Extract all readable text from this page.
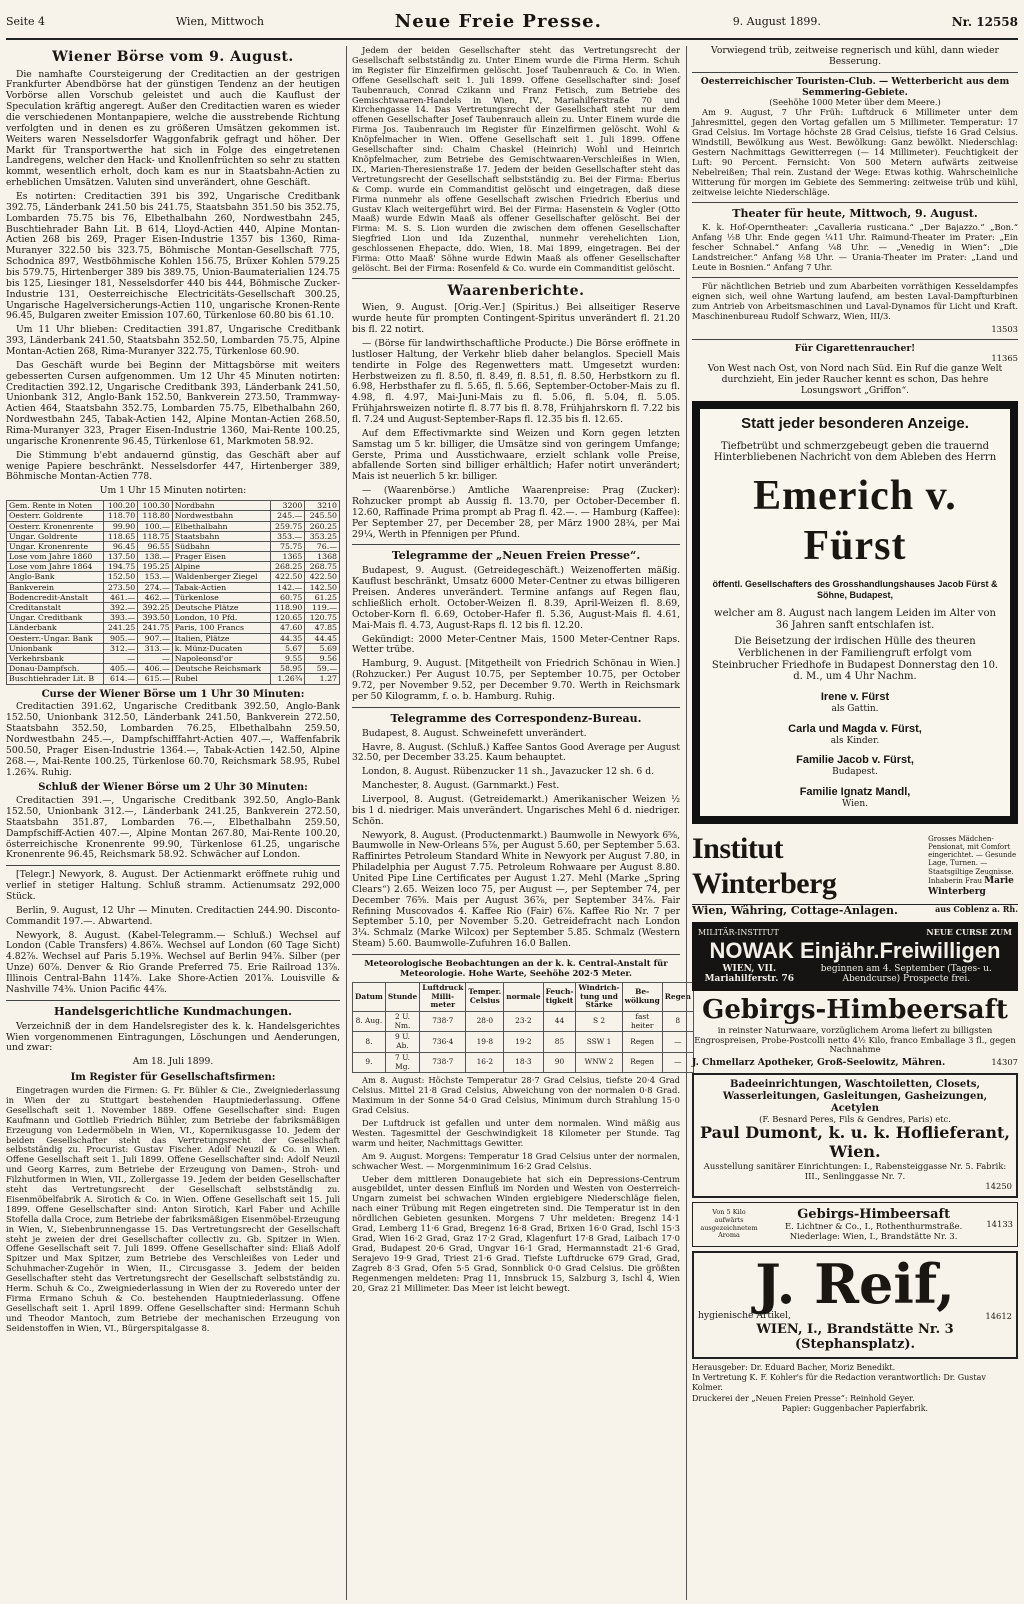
Seite 4	Wien, Mittwoch	Neue Freie Presse.	9. August 1899.	Nr. 12558
Wiener Börse vom 9. August.

Die namhafte Coursteigerung der Creditactien an der gestrigen Frankfurter Abendbörse hat der günstigen Tendenz an der heutigen Vorbörse allen Vorschub geleistet und auch die Kauflust der Speculation kräftig angeregt. Außer den Creditactien waren es wieder die verschiedenen Montanpapiere, welche die ausstrebende Richtung verfolgten und in denen es zu größeren Umsätzen gekommen ist. Weiters waren Nesselsdorfer Waggonfabrik gefragt und höher. Der Markt für Transportwerthe hat sich in Folge des eingetretenen Landregens, welcher den Hack- und Knollenfrüchten so sehr zu statten kommt, wesentlich erholt, doch kam es nur in Staatsbahn-Actien zu erheblichen Umsätzen. Valuten sind unverändert, ohne Geschäft.

Es notirten: Creditactien 391 bis 392, Ungarische Creditbank 392.75, Länderbank 241.50 bis 241.75, Staatsbahn 351.50 bis 352.75, Lombarden 75.75 bis 76, Elbethalbahn 260, Nordwestbahn 245, Buschtiehrader Bahn Lit. B 614, Lloyd-Actien 440, Alpine Montan-Actien 268 bis 269, Prager Eisen-Industrie 1357 bis 1360, Rima-Muranyer 322.50 bis 323.75, Böhmische Montan-Gesellschaft 775, Schodnica 897, Westböhmische Kohlen 156.75, Brüxer Kohlen 579.25 bis 579.75, Hirtenberger 389 bis 389.75, Union-Baumaterialien 124.75 bis 125, Liesinger 181, Nesselsdorfer 440 bis 444, Böhmische Zucker-Industrie 131, Oesterreichische Electricitäts-Gesellschaft 300.25, Ungarische Hagelversicherungs-Actien 110, ungarische Kronen-Rente 96.45, Bulgaren zweiter Emission 107.60, Türkenlose 60.80 bis 61.10.

Um 11 Uhr blieben: Creditactien 391.87, Ungarische Creditbank 393, Länderbank 241.50, Staatsbahn 352.50, Lombarden 75.75, Alpine Montan-Actien 268, Rima-Muranyer 322.75, Türkenlose 60.90.

Das Geschäft wurde bei Beginn der Mittagsbörse mit weiters gebesserten Cursen aufgenommen. Um 12 Uhr 45 Minuten notirten: Creditactien 392.12, Ungarische Creditbank 393, Länderbank 241.50, Unionbank 312, Anglo-Bank 152.50, Bankverein 273.50, Trammway-Actien 464, Staatsbahn 352.75, Lombarden 75.75, Elbethalbahn 260, Nordwestbahn 245, Tabak-Actien 142, Alpine Montan-Actien 268.50, Rima-Muranyer 323, Prager Eisen-Industrie 1360, Mai-Rente 100.25, ungarische Kronenrente 96.45, Türkenlose 61, Markmoten 58.92.

Die Stimmung b'ebt andauernd günstig, das Geschäft aber auf wenige Papiere beschränkt. Nesselsdorfer 447, Hirtenberger 389, Böhmische Montan-Actien 778.

Um 1 Uhr 15 Minuten notirten:
Gem. Rente in Noten	100.20	100.30	Nordbahn	3200	3210
Oesterr. Goldrente	118.70	118.80	Nordwestbahn	245.—	245.50
Oesterr. Kronenrente	99.90	100.—	Elbethalbahn	259.75	260.25
Ungar. Goldrente	118.65	118.75	Staatsbahn	353.—	353.25
Ungar. Kronenrente	96.45	96.55	Südbahn	75.75	76.—
Lose vom Jahre 1860	137.50	138.—	Prager Eisen	1365	1368
Lose vom Jahre 1864	194.75	195.25	Alpine	268.25	268.75
Anglo-Bank	152.50	153.—	Waldenberger Ziegel	422.50	422.50
Bankverein	273.50	274.—	Tabak-Actien	142.—	142.50
Bodencredit-Anstalt	461.—	462.—	Türkenlose	60.75	61.25
Creditanstalt	392.—	392.25	Deutsche Plätze	118.90	119.—
Ungar. Creditbank	393.—	393.50	London, 10 Pfd.	120.65	120.75
Länderbank	241.25	241.75	Paris, 100 Francs	47.60	47.85
Oesterr.-Ungar. Bank	905.—	907.—	Italien, Plätze	44.35	44.45
Unionbank	312.—	313.—	k. Münz-Ducaten	5.67	5.69
Verkehrsbank	—	—	Napoleonsd'or	9.55	9.56
Donau-Dampfsch.	405.—	406.—	Deutsche Reichsmark	58.95	59.—
Buschtiehrader Lit. B	614.—	615.—	Rubel	1.26¾	1.27
Curse der Wiener Börse um 1 Uhr 30 Minuten:

Creditactien 391.62, Ungarische Creditbank 392.50, Anglo-Bank 152.50, Unionbank 312.50, Länderbank 241.50, Bankverein 272.50, Staatsbahn 352.50, Lombarden 76.25, Elbethalbahn 259.50, Nordwestbahn 245.—, Dampfschifffahrt-Actien 407.—, Waffenfabrik 500.50, Prager Eisen-Industrie 1364.—, Tabak-Actien 142.50, Alpine 268.—, Mai-Rente 100.25, Türkenlose 60.70, Reichsmark 58.95, Rubel 1.26¾. Ruhig.

Schluß der Wiener Börse um 2 Uhr 30 Minuten:

Creditactien 391.—, Ungarische Creditbank 392.50, Anglo-Bank 152.50, Unionbank 312.—, Länderbank 241.25, Bankverein 272.50, Staatsbahn 351.87, Lombarden 76.—, Elbethalbahn 259.50, Dampfschiff-Actien 407.—, Alpine Montan 267.80, Mai-Rente 100.20, österreichische Kronenrente 99.90, Türkenlose 61.25, ungarische Kronenrente 96.45, Reichsmark 58.92. Schwächer auf London.

[Telegr.] Newyork, 8. August. Der Actienmarkt eröffnete ruhig und verlief in stetiger Haltung. Schluß stramm. Actienumsatz 292,000 Stück.

Berlin, 9. August, 12 Uhr — Minuten. Creditactien 244.90. Disconto-Commandit 197.—. Abwartend.

Newyork, 8. August. (Kabel-Telegramm.— Schluß.) Wechsel auf London (Cable Transfers) 4.86⅞. Wechsel auf London (60 Tage Sicht) 4.82⅞. Wechsel auf Paris 5.19⅜. Wechsel auf Berlin 94⅞. Silber (per Unze) 60⅞. Denver & Rio Grande Preferred 75. Erie Railroad 13⅞. Illinois Central-Bahn 114⅞. Lake Shore-Actien 201⅞. Louisville & Nashville 74⅜. Union Pacific 44⅞.

Handelsgerichtliche Kundmachungen.

Verzeichniß der in dem Handelsregister des k. k. Handelsgerichtes Wien vorgenommenen Eintragungen, Löschungen und Aenderungen, und zwar:

Am 18. Juli 1899.
Im Register für Gesellschaftsfirmen:

Eingetragen wurden die Firmen: G. Fr. Bühler & Cie., Zweigniederlassung in Wien der zu Stuttgart bestehenden Hauptniederlassung. Offene Gesellschaft seit 1. November 1889. Offene Gesellschafter sind: Eugen Kaufmann und Gottlieb Friedrich Bühler, zum Betriebe der fabriksmäßigen Erzeugung von Ledermöbeln in Wien, VI., Kopernikusgasse 10. Jedem der beiden Gesellschafter steht das Vertretungsrecht der Gesellschaft selbstständig zu. Procurist: Gustav Fischer. Adolf Neuzil & Co. in Wien. Offene Gesellschaft seit 1. Juli 1899. Offene Gesellschafter sind: Adolf Neuzil und Georg Karres, zum Betriebe der Erzeugung von Damen-, Stroh- und Filzhutformen in Wien, VII., Zollergasse 19. Jedem der beiden Gesellschafter steht das Vertretungsrecht der Gesellschaft selbstständig zu. Eisenmöbelfabrik A. Sirotich & Co. in Wien. Offene Gesellschaft seit 15. Juli 1899. Offene Gesellschafter sind: Anton Sirotich, Karl Faber und Achille Stofella dalla Croce, zum Betriebe der fabriksmäßigen Eisenmöbel-Erzeugung in Wien, V., Siebenbrunnengasse 15. Das Vertretungsrecht der Gesellschaft steht je zweien der drei Gesellschafter collectiv zu. Gb. Spitzer in Wien. Offene Gesellschaft seit 7. Juli 1899. Offene Gesellschafter sind: Eliaß Adolf Spitzer und Max Spitzer, zum Betriebe des Verschleißes von Leder und Schuhmacher-Zugehör in Wien, II., Circusgasse 3. Jedem der beiden Gesellschafter steht das Vertretungsrecht der Gesellschaft selbstständig zu. Herm. Schuh & Co., Zweigniederlassung in Wien der zu Roveredo unter der Firma Ermano Schuh & Co. bestehenden Hauptniederlassung. Offene Gesellschaft seit 1. April 1899. Offene Gesellschafter sind: Hermann Schuh und Theodor Mantoch, zum Betriebe der mechanischen Erzeugung von Seidenstoffen in Wien, VI., Bürgerspitalgasse 8.

Jedem der beiden Gesellschafter steht das Vertretungsrecht der Gesellschaft selbstständig zu. Unter Einem wurde die Firma Herm. Schuh im Register für Einzelfirmen gelöscht. Josef Taubenrauch & Co. in Wien. Offene Gesellschaft seit 1. Juli 1899. Offene Gesellschafter sind: Josef Taubenrauch, Conrad Czikann und Franz Fetisch, zum Betriebe des Gemischtwaaren-Handels in Wien, IV., Mariahilferstraße 70 und Kirchengasse 14. Das Vertretungsrecht der Gesellschaft steht nur dem offenen Gesellschafter Josef Taubenrauch allein zu. Unter Einem wurde die Firma Jos. Taubenrauch im Register für Einzelfirmen gelöscht. Wohl & Knöpfelmacher in Wien. Offene Gesellschaft seit 1. Juli 1899. Offene Gesellschafter sind: Chaim Chaskel (Heinrich) Wohl und Heinrich Knöpfelmacher, zum Betriebe des Gemischtwaaren-Verschleißes in Wien, IX., Marien-Theresienstraße 17. Jedem der beiden Gesellschafter steht das Vertretungsrecht der Gesellschaft selbstständig zu. Bei der Firma: Eberius & Comp. wurde ein Commanditist gelöscht und eingetragen, daß diese Firma nunmehr als offene Gesellschaft zwischen Friedrich Eberius und Gustav Klach weitergeführt wird. Bei der Firma: Hasenstein & Vogler (Otto Maaß) wurde Edwin Maaß als offener Gesellschafter gelöscht. Bei der Firma: M. S. S. Lion wurden die zwischen dem offenen Gesellschafter Siegfried Lion und Ida Zuzenthal, nunmehr verehelichten Lion, geschlossenen Ehepacte, ddo. Wien, 18. Mai 1899, eingetragen. Bei der Firma: Otto Maaß' Söhne wurde Edwin Maaß als offener Gesellschafter gelöscht. Bei der Firma: Rosenfeld & Co. wurde ein Commanditist gelöscht.

Waarenberichte.

Wien, 9. August. [Orig.-Ver.] (Spiritus.) Bei allseitiger Reserve wurde heute für prompten Contingent-Spiritus unverändert fl. 21.20 bis fl. 22 notirt.

— (Börse für landwirthschaftliche Producte.) Die Börse eröffnete in lustloser Haltung, der Verkehr blieb daher belanglos. Speciell Mais tendirte in Folge des Regenwetters matt. Umgesetzt wurden: Herbstweizen zu fl. 8.50, fl. 8.49, fl. 8.51, fl. 8.50, Herbstkorn zu fl. 6.98, Herbsthafer zu fl. 5.65, fl. 5.66, September-October-Mais zu fl. 4.98, fl. 4.97, Mai-Juni-Mais zu fl. 5.06, fl. 5.04, fl. 5.05. Frühjahrsweizen notirte fl. 8.77 bis fl. 8.78, Frühjahrskorn fl. 7.22 bis fl. 7.24 und August-September-Raps fl. 12.35 bis fl. 12.65.

Auf dem Effectivmarkte sind Weizen und Korn gegen letzten Samstag um 5 kr. billiger, die Umsätze sind von geringem Umfange; Gerste, Prima und Ausstichwaare, erzielt schlank volle Preise, abfallende Sorten sind billiger erhältlich; Hafer notirt unverändert; Mais ist neuerlich 5 kr. billiger.

— (Waarenbörse.) Amtliche Waarenpreise: Prag (Zucker): Rohzucker prompt ab Aussig fl. 13.70, per October-December fl. 12.60, Raffinade Prima prompt ab Prag fl. 42.—. — Hamburg (Kaffee): Per September 27, per December 28, per März 1900 28¾, per Mai 29¼, Werth in Pfennigen per Pfund.

Telegramme der „Neuen Freien Presse“.

Budapest, 9. August. (Getreidegeschäft.) Weizenofferten mäßig. Kauflust beschränkt, Umsatz 6000 Meter-Centner zu etwas billigeren Preisen. Anderes unverändert. Termine anfangs auf Regen flau, schließlich erholt. October-Weizen fl. 8.39, April-Weizen fl. 8.69, October-Korn fl. 6.69, October-Hafer fl. 5.36, August-Mais fl. 4.61, Mai-Mais fl. 4.73, August-Raps fl. 12 bis fl. 12.20.

Gekündigt: 2000 Meter-Centner Mais, 1500 Meter-Centner Raps. Wetter trübe.

Hamburg, 9. August. [Mitgetheilt von Friedrich Schönau in Wien.] (Rohzucker.) Per August 10.75, per September 10.75, per October 9.72, per November 9.52, per December 9.70. Werth in Reichsmark per 50 Kilogramm, f. o. b. Hamburg. Ruhig.

Telegramme des Correspondenz-Bureau.

Budapest, 8. August. Schweinefett unverändert.

Havre, 8. August. (Schluß.) Kaffee Santos Good Average per August 32.50, per December 33.25. Kaum behauptet.

London, 8. August. Rübenzucker 11 sh., Javazucker 12 sh. 6 d.

Manchester, 8. August. (Garnmarkt.) Fest.

Liverpool, 8. August. (Getreidemarkt.) Amerikanischer Weizen ½ bis 1 d. niedriger. Mais unverändert. Ungarisches Mehl 6 d. niedriger. Schön.

Newyork, 8. August. (Productenmarkt.) Baumwolle in Newyork 6⅝, Baumwolle in New-Orleans 5⅞, per August 5.60, per September 5.63. Raffinirtes Petroleum Standard White in Newyork per August 7.80, in Philadelphia per August 7.75. Petroleum Rohwaare per August 8.80. United Pipe Line Certificates per August 1.27. Mehl (Marke „Spring Clears“) 2.65. Weizen loco 75, per August —, per September 74, per December 76⅝. Mais per August 36⅞, per September 34⅞. Fair Refining Muscovados 4. Kaffee Rio (Fair) 6⅞. Kaffee Rio Nr. 7 per September 5.10, per November 5.20. Getreidefracht nach London 3¼. Schmalz (Marke Wilcox) per September 5.85. Schmalz (Western Steam) 5.60. Baumwolle-Zufuhren 16.0 Ballen.

Meteorologische Beobachtungen an der k. k. Central-Anstalt für Meteorologie. Hohe Warte, Seehöhe 202·5 Meter.
Datum	Stunde	Luftdruck Milli-meter	Temper. Celsius	normale	Feuch-tigkeit	Windrich-tung und Stärke	Be-wölkung	Regen
8. Aug.	2 U. Nm.	738·7	28·0	23·2	44	S 2	fast heiter	8
8.	9 U. Ab.	736·4	19·8	19·2	85	SSW 1	Regen	—
9.	7 U. Mg.	738·7	16·2	18·3	90	WNW 2	Regen	—

Am 8. August: Höchste Temperatur 28·7 Grad Celsius, tiefste 20·4 Grad Celsius. Mittel 21·8 Grad Celsius, Abweichung von der normalen 0·8 Grad. Maximum in der Sonne 54·0 Grad Celsius, Minimum durch Strahlung 15·0 Grad Celsius.

Der Luftdruck ist gefallen und unter dem normalen. Wind mäßig aus Westen. Tagesmittel der Geschwindigkeit 18 Kilometer per Stunde. Tag warm und heiter, Nachmittags Gewitter.

Am 9. August. Morgens: Temperatur 18 Grad Celsius unter der normalen, schwacher West. — Morgenminimum 16·2 Grad Celsius.

Ueber dem mittleren Donaugebiete hat sich ein Depressions-Centrum ausgebildet, unter dessen Einfluß im Norden und Westen von Oesterreich-Ungarn zumeist bei schwachen Winden ergiebigere Niederschläge fielen, nach einer Trübung mit Regen eingetreten sind. Die Temperatur ist in den nördlichen Gebieten gesunken. Morgens 7 Uhr meldeten: Bregenz 14·1 Grad, Lemberg 11·6 Grad, Bregenz 16·8 Grad, Brixen 16·0 Grad, Ischl 15·3 Grad, Wien 16·2 Grad, Graz 17·2 Grad, Klagenfurt 17·8 Grad, Laibach 17·0 Grad, Budapest 20·6 Grad, Ungvar 16·1 Grad, Hermannstadt 21·6 Grad, Serajevo 19·9 Grad, Triest 21·6 Grad. Tiefste Luftdrucke 679 Grad, Grad, Zagreb 8·3 Grad, Ofen 5·5 Grad, Sonnblick 0·0 Grad Celsius. Die größten Regenmengen meldeten: Prag 11, Innsbruck 15, Salzburg 3, Ischl 4, Wien 20, Graz 21 Millimeter. Das Meer ist leicht bewegt.

Vorwiegend trüb, zeitweise regnerisch und kühl, dann wieder Besserung.

Oesterreichischer Touristen-Club. — Wetterbericht aus dem Semmering-Gebiete.
(Seehöhe 1000 Meter über dem Meere.)

Am 9. August, 7 Uhr Früh: Luftdruck 6 Millimeter unter dem Jahresmittel, gegen den Vortag gefallen um 5 Millimeter. Temperatur: 17 Grad Celsius. Im Vortage höchste 28 Grad Celsius, tiefste 16 Grad Celsius. Windstill, Bewölkung aus West. Bewölkung: Ganz bewölkt. Niederschlag: Gestern Nachmittags Gewitterregen (— 14 Millimeter). Feuchtigkeit der Luft: 90 Percent. Fernsicht: Von 500 Metern aufwärts zeitweise Nebelreißen; Thal rein. Zustand der Wege: Etwas kothig. Wahrscheinliche Witterung für morgen im Gebiete des Semmering: zeitweise trüb und kühl, zeitweise leichte Niederschläge.

Theater für heute, Mittwoch, 9. August.

K. k. Hof-Operntheater: „Cavalleria rusticana.“ „Der Bajazzo.“ „Bon.“ Anfang ½8 Uhr. Ende gegen ¼11 Uhr. Raimund-Theater im Prater: „Ein fescher Schnabel.“ Anfang ¼8 Uhr. — „Venedig in Wien“: „Die Landstreicher.“ Anfang ½8 Uhr. — Urania-Theater im Prater: „Land und Leute in Bosnien.“ Anfang 7 Uhr.

Für nächtlichen Betrieb und zum Abarbeiten vorräthigen Kesseldampfes eignen sich, weil ohne Wartung laufend, am besten Laval-Dampfturbinen zum Antrieb von Arbeitsmaschinen und Laval-Dynamos für Licht und Kraft. Maschinenbureau Rudolf Schwarz, Wien, III/3.

13503
Für Cigarettenraucher!
11365

Von West nach Ost, von Nord nach Süd. Ein Ruf die ganze Welt durchzieht, Ein jeder Raucher kennt es schon, Das hehre Losungswort „Griffon“.

Statt jeder besonderen Anzeige.
Tiefbetrübt und schmerzgebeugt geben die trauernd Hinterbliebenen Nachricht von dem Ableben des Herrn
Emerich v. Fürst
öffentl. Gesellschafters des Grosshandlungshauses Jacob Fürst & Söhne, Budapest,
welcher am 8. August nach langem Leiden im Alter von 36 Jahren sanft entschlafen ist.
Die Beisetzung der irdischen Hülle des theuren Verblichenen in der Familiengruft erfolgt vom Steinbrucher Friedhofe in Budapest Donnerstag den 10. d. M., um 4 Uhr Nachm.
Irene v. Fürst
als Gattin.
Carla und Magda v. Fürst,
als Kinder.
Familie Jacob v. Fürst,
Budapest.
Familie Ignatz Mandl,
Wien.
Institut Winterberg
Grosses Mädchen-Pensionat, mit Comfort eingerichtet. — Gesunde Lage, Turnen. — Staatsgiltige Zeugnisse. Inhaberin Frau Marie Winterberg
Wien, Währing, Cottage-Anlagen.	aus Coblenz a. Rh.
MILITÄR-INSTITUT	NEUE CURSE ZUM
NOWAK Einjähr.Freiwilligen
WIEN, VII. Mariahilferstr. 76
beginnen am 4. September (Tages- u. Abendcurse) Prospecte frei.
Gebirgs-Himbeersaft

in reinster Naturwaare, vorzüglichem Aroma liefert zu billigsten Engrospreisen, Probe-Postcolli netto 4½ Kilo, franco Emballage 3 fl., gegen Nachnahme

J. Chmellarz Apotheker, Groß-Seelowitz, Mähren.	14307
Badeeinrichtungen, Waschtoiletten, Closets, Wasserleitungen, Gasleitungen, Gasheizungen, Acetylen
(F. Besnard Peres, Fils & Gendres, Paris) etc.
Paul Dumont, k. u. k. Hoflieferant, Wien.
Ausstellung sanitärer Einrichtungen: I., Rabensteiggasse Nr. 5. Fabrik: III., Senlinggasse Nr. 7.
14250
Von 5 Kilo aufwärts ausgezeichnetem Aroma
Gebirgs-Himbeersaft
E. Lichtner & Co., I., Rothenthurmstraße. Niederlage: Wien, I., Brandstätte Nr. 3.
14133
J. Reif,
hygienische Artikel,	14612
WIEN, I., Brandstätte Nr. 3 (Stephansplatz).
Herausgeber: Dr. Eduard Bacher, Moriz Benedikt.
In Vertretung K. F. Kohler's für die Redaction verantwortlich: Dr. Gustav Kolmer.
Druckerei der „Neuen Freien Presse“: Reinhold Geyer.
Papier: Guggenbacher Papierfabrik.
